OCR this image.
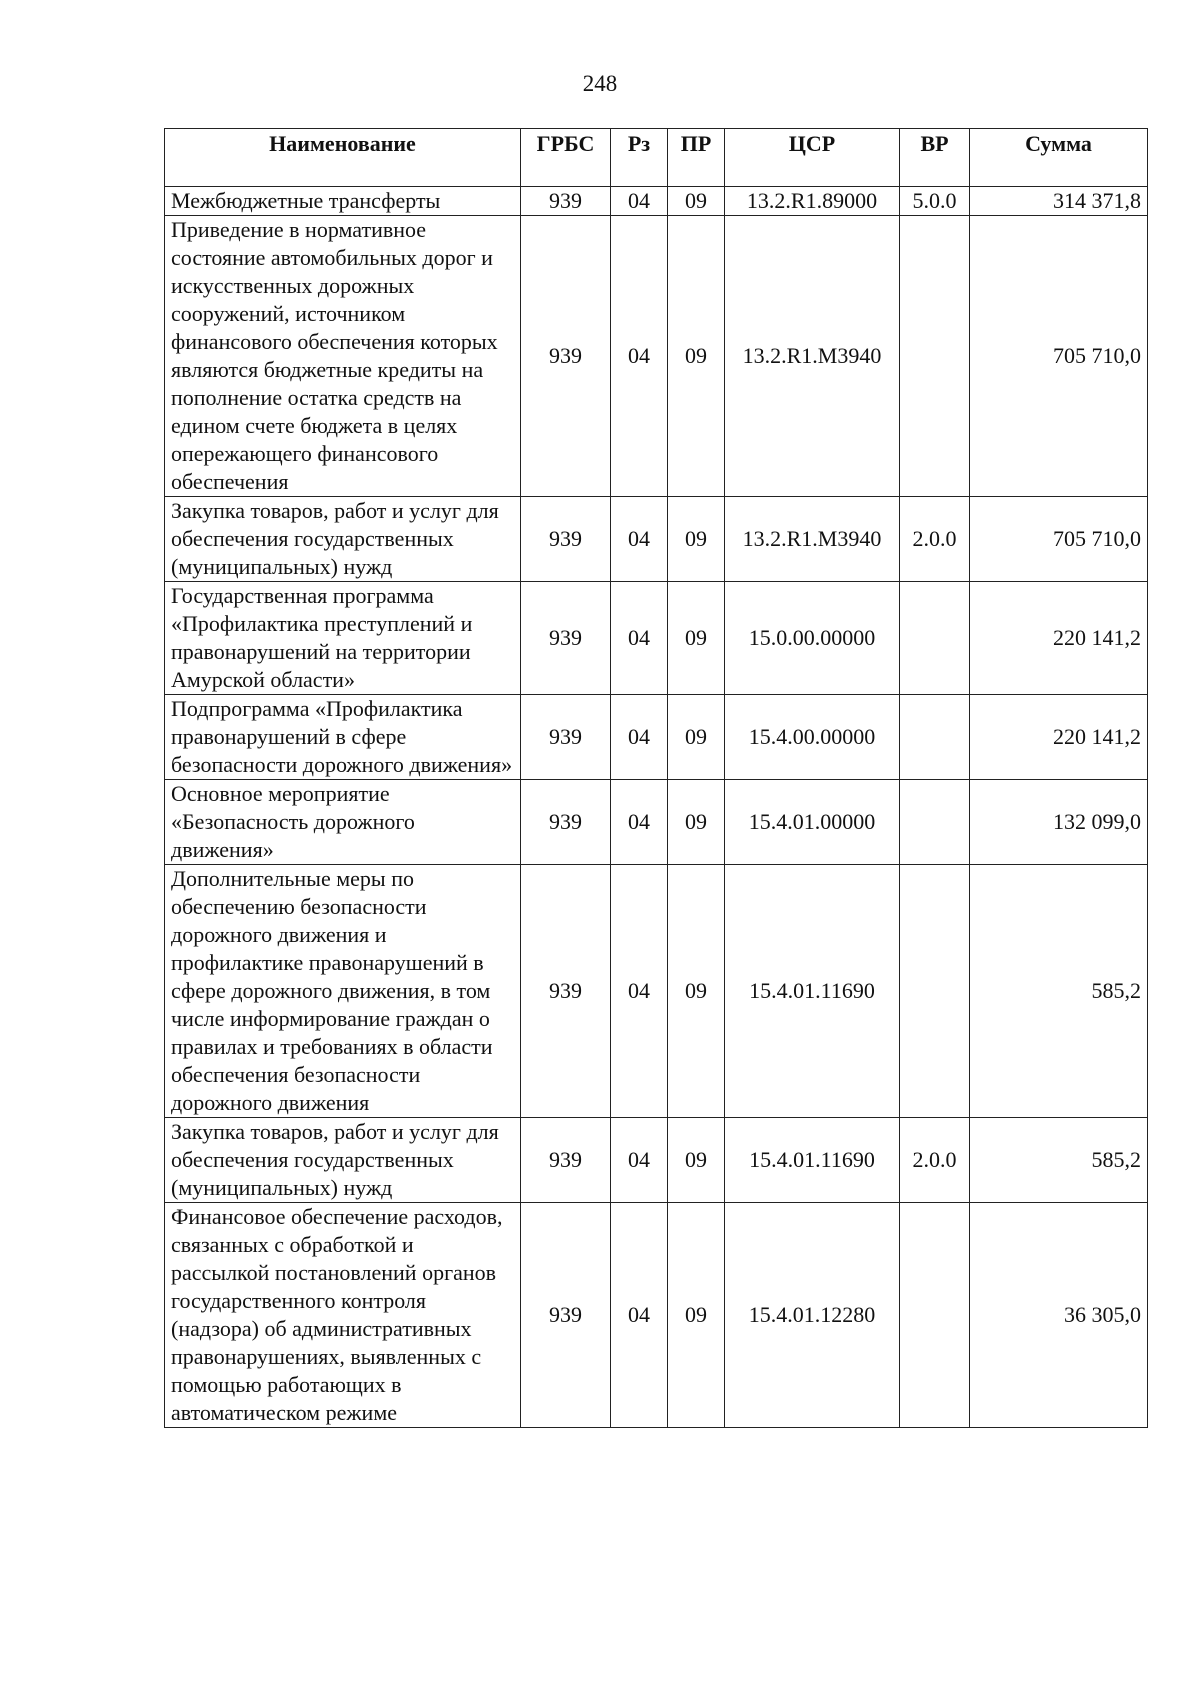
248
Наименование	ГРБС	Рз	ПР	ЦСР	ВР	Сумма
Межбюджетные трансферты	939	04	09	13.2.R1.89000	5.0.0	314 371,8
Приведение в нормативное состояние автомобильных дорог и искусственных дорожных сооружений, источником финансового обеспечения которых являются бюджетные кредиты на пополнение остатка средств на едином счете бюджета в целях опережающего финансового обеспечения	939	04	09	13.2.R1.M3940		705 710,0
Закупка товаров, работ и услуг для обеспечения государственных (муниципальных) нужд	939	04	09	13.2.R1.M3940	2.0.0	705 710,0
Государственная программа «Профилактика преступлений и правонарушений на территории Амурской области»	939	04	09	15.0.00.00000		220 141,2
Подпрограмма «Профилактика правонарушений в сфере безопасности дорожного движения»	939	04	09	15.4.00.00000		220 141,2
Основное мероприятие «Безопасность дорожного движения»	939	04	09	15.4.01.00000		132 099,0
Дополнительные меры по обеспечению безопасности дорожного движения и профилактике правонарушений в сфере дорожного движения, в том числе информирование граждан о правилах и требованиях в области обеспечения безопасности дорожного движения	939	04	09	15.4.01.11690		585,2
Закупка товаров, работ и услуг для обеспечения государственных (муниципальных) нужд	939	04	09	15.4.01.11690	2.0.0	585,2
Финансовое обеспечение расходов, связанных с обработкой и рассылкой постановлений органов государственного контроля (надзора) об административных правонарушениях, выявленных с помощью работающих в автоматическом режиме	939	04	09	15.4.01.12280		36 305,0
